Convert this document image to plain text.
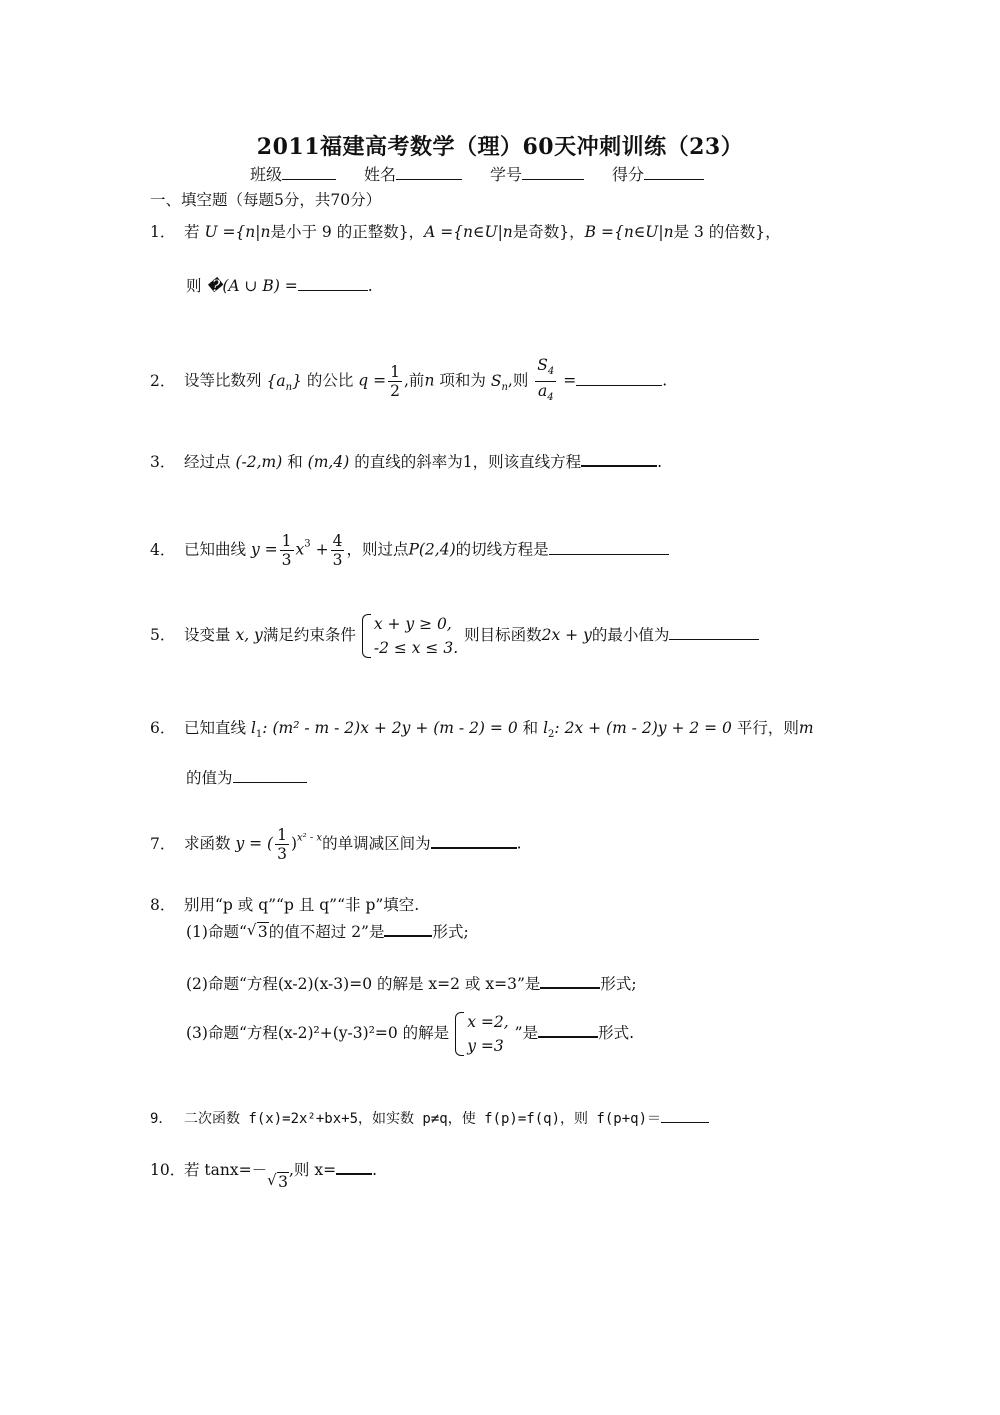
2011福建高考数学（理）60天冲刺训练（23）
班级	姓名	学号	得分
一、填空题（每题5分，共70分）
1． 若 U ={n|n是小于 9 的正整数}，A ={n∈U|n是奇数}，B ={n∈U|n是 3 的倍数}，
则 �(A ∪ B) =	.
2． 设等比数列 $\{a_n\}$ 的公比 $q = \frac{1}{2}$ ,前n 项和为 $S_n$,则 $\frac{S_4}{a_4}$ =	.
3． 经过点 (-2,m) 和 (m,4) 的直线的斜率为1，则该直线方程	.
4． 已知曲线 $y = \frac{1}{3} x^3 + \frac{4}{3}$ ，则过点P(2,4)的切线方程是
5． 设变量 x, y满足约束条件
x + y ≥ 0,
-2 ≤ x ≤ 3.
则目标函数2x + y的最小值为
6． 已知直线 $l_1$: (m² - m - 2)x + 2y + (m - 2) = 0 和 $l_2$: 2x + (m - 2)y + 2 = 0 平行，则m
的值为
7． 求函数 y = ( $\frac{1}{3} )^{x^2 - x}$的单调减区间为	.
8． 别用“p 或 q”“p 且 q”“非 p”填空.
(1)命题“ √ 3的值不超过 2”是	形式;
(2)命题“方程(x-2)(x-3)=0 的解是 x=2 或 x=3”是	形式;
(3)命题“方程(x-2)²+(y-3)²=0 的解是
x =2,
y =3
”是	形式.
9． 二次函数 f(x)=2x²+bx+5，如实数 p≠q，使 f(p)=f(q)，则 f(p+q)＝
10．若 tanx=－
√ 3,则 x= .
